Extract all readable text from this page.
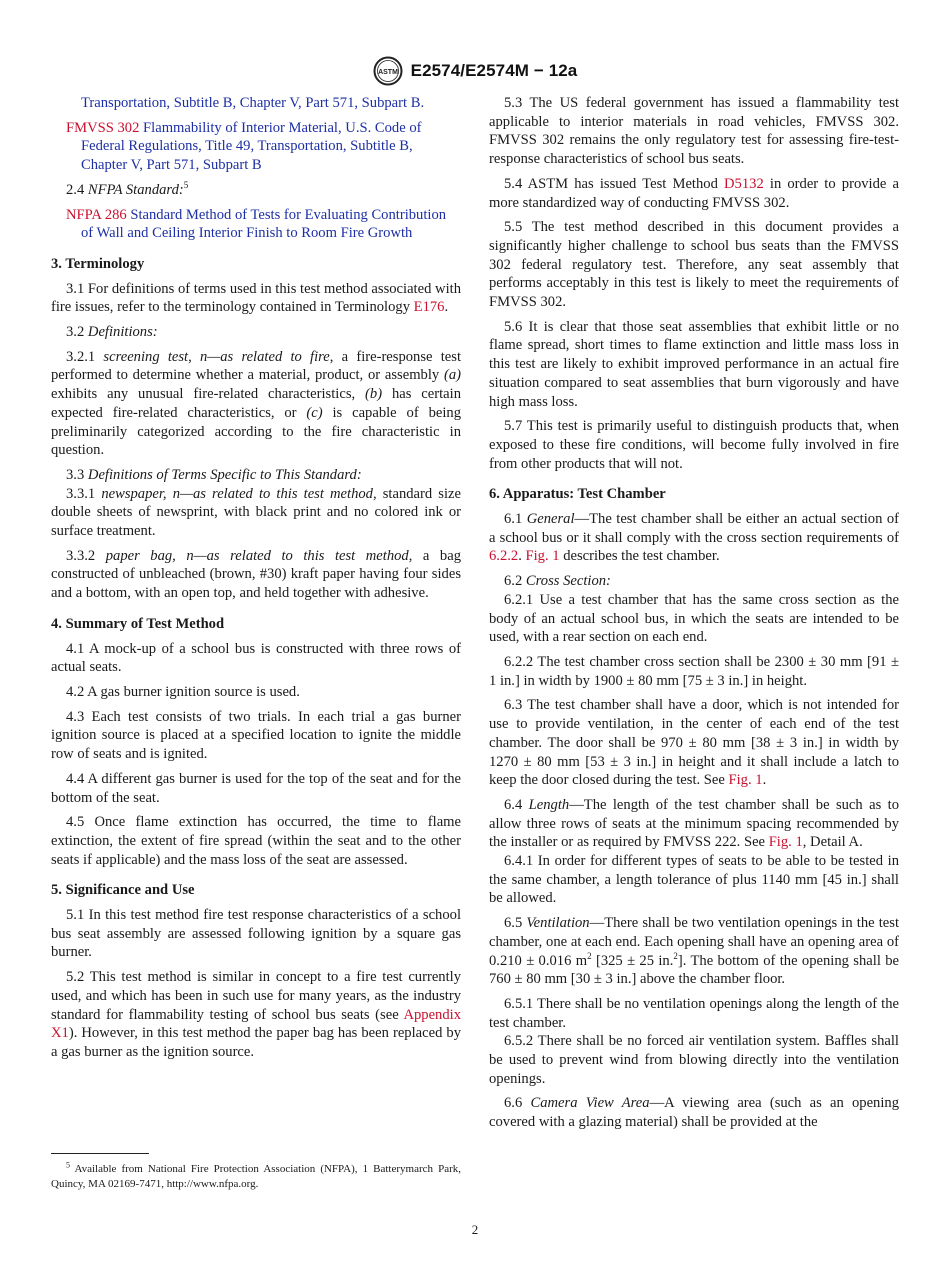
ASTM E2574/E2574M − 12a

Transportation, Subtitle B, Chapter V, Part 571, Subpart B.

FMVSS 302 Flammability of Interior Material, U.S. Code of Federal Regulations, Title 49, Transportation, Subtitle B, Chapter V, Part 571, Subpart B

2.4 NFPA Standard:$^5$

NFPA 286 Standard Method of Tests for Evaluating Contribution of Wall and Ceiling Interior Finish to Room Fire Growth

3. Terminology

3.1 For definitions of terms used in this test method associated with fire issues, refer to the terminology contained in Terminology E176.

3.2 Definitions:

3.2.1 screening test, n—as related to fire, a fire-response test performed to determine whether a material, product, or assembly (a) exhibits any unusual fire-related characteristics, (b) has certain expected fire-related characteristics, or (c) is capable of being preliminarily categorized according to the fire characteristic in question.

3.3 Definitions of Terms Specific to This Standard:

3.3.1 newspaper, n—as related to this test method, standard size double sheets of newsprint, with black print and no colored ink or surface treatment.

3.3.2 paper bag, n—as related to this test method, a bag constructed of unbleached (brown, #30) kraft paper having four sides and a bottom, with an open top, and held together with adhesive.

4. Summary of Test Method

4.1 A mock-up of a school bus is constructed with three rows of actual seats.

4.2 A gas burner ignition source is used.

4.3 Each test consists of two trials. In each trial a gas burner ignition source is placed at a specified location to ignite the middle row of seats and is ignited.

4.4 A different gas burner is used for the top of the seat and for the bottom of the seat.

4.5 Once flame extinction has occurred, the time to flame extinction, the extent of fire spread (within the seat and to the other seats if applicable) and the mass loss of the seat are assessed.

5. Significance and Use

5.1 In this test method fire test response characteristics of a school bus seat assembly are assessed following ignition by a square gas burner.

5.2 This test method is similar in concept to a fire test currently used, and which has been in such use for many years, as the industry standard for flammability testing of school bus seats (see Appendix X1). However, in this test method the paper bag has been replaced by a gas burner as the ignition source.

5.3 The US federal government has issued a flammability test applicable to interior materials in road vehicles, FMVSS 302. FMVSS 302 remains the only regulatory test for assessing fire-test-response characteristics of school bus seats.

5.4 ASTM has issued Test Method D5132 in order to provide a more standardized way of conducting FMVSS 302.

5.5 The test method described in this document provides a significantly higher challenge to school bus seats than the FMVSS 302 federal regulatory test. Therefore, any seat assembly that performs acceptably in this test is likely to meet the requirements of FMVSS 302.

5.6 It is clear that those seat assemblies that exhibit little or no flame spread, short times to flame extinction and little mass loss in this test are likely to exhibit improved performance in an actual fire situation compared to seat assemblies that burn vigorously and have high mass loss.

5.7 This test is primarily useful to distinguish products that, when exposed to these fire conditions, will become fully involved in fire from other products that will not.

6. Apparatus: Test Chamber

6.1 General—The test chamber shall be either an actual section of a school bus or it shall comply with the cross section requirements of 6.2.2. Fig. 1 describes the test chamber.

6.2 Cross Section:

6.2.1 Use a test chamber that has the same cross section as the body of an actual school bus, in which the seats are intended to be used, with a rear section on each end.

6.2.2 The test chamber cross section shall be 2300 ± 30 mm [91 ± 1 in.] in width by 1900 ± 80 mm [75 ± 3 in.] in height.

6.3 The test chamber shall have a door, which is not intended for use to provide ventilation, in the center of each end of the test chamber. The door shall be 970 ± 80 mm [38 ± 3 in.] in width by 1270 ± 80 mm [53 ± 3 in.] in height and it shall include a latch to keep the door closed during the test. See Fig. 1.

6.4 Length—The length of the test chamber shall be such as to allow three rows of seats at the minimum spacing recommended by the installer or as required by FMVSS 222. See Fig. 1, Detail A.

6.4.1 In order for different types of seats to be able to be tested in the same chamber, a length tolerance of plus 1140 mm [45 in.] shall be allowed.

6.5 Ventilation—There shall be two ventilation openings in the test chamber, one at each end. Each opening shall have an opening area of 0.210 ± 0.016 $m^2$ [325 ± 25 in.$^2$]. The bottom of the opening shall be 760 ± 80 mm [30 ± 3 in.] above the chamber floor.

6.5.1 There shall be no ventilation openings along the length of the test chamber.

6.5.2 There shall be no forced air ventilation system. Baffles shall be used to prevent wind from blowing directly into the ventilation openings.

6.6 Camera View Area—A viewing area (such as an opening covered with a glazing material) shall be provided at the

$^5$ Available from National Fire Protection Association (NFPA), 1 Batterymarch Park, Quincy, MA 02169-7471, http://www.nfpa.org.
2
